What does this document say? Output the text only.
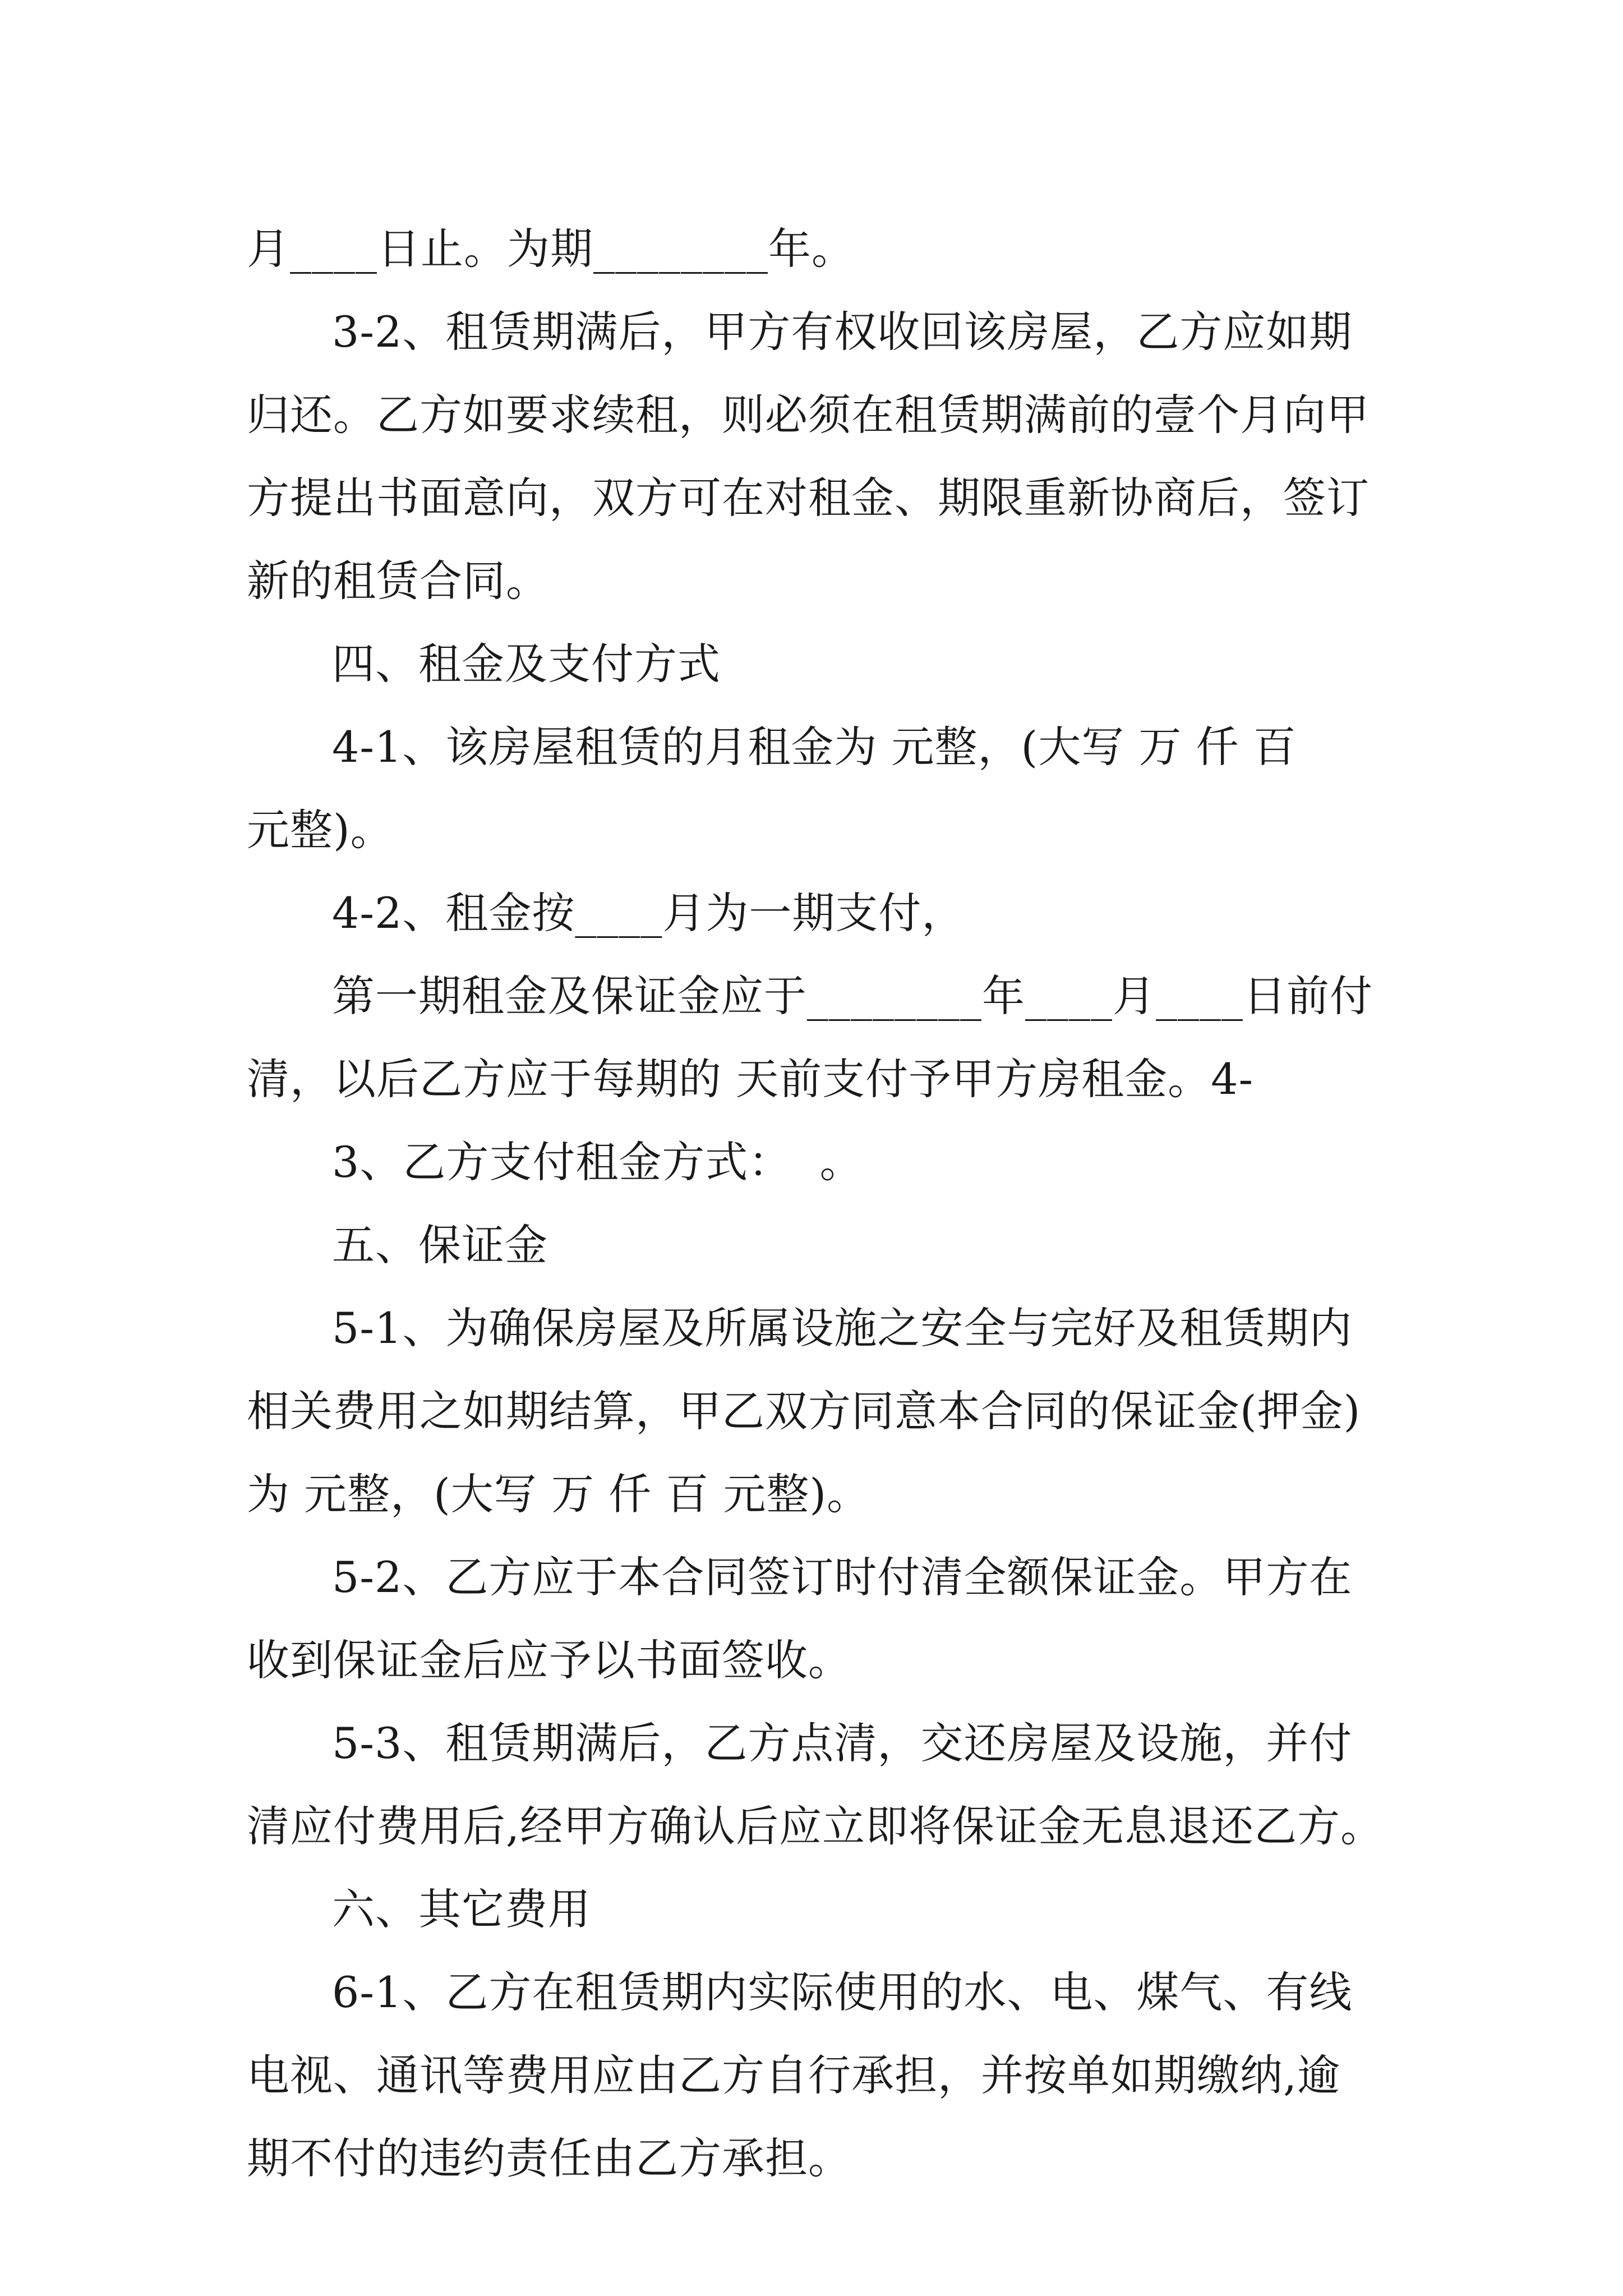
月____日止。为期________年。
3-2、租赁期满后，甲方有权收回该房屋，乙方应如期
归还。乙方如要求续租，则必须在租赁期满前的壹个月向甲
方提出书面意向，双方可在对租金、期限重新协商后，签订
新的租赁合同。
四、租金及支付方式
4-1、该房屋租赁的月租金为 元整，(大写 万 仟 百
元整)。
4-2、租金按____月为一期支付，
第一期租金及保证金应于________年____月____日前付
清，以后乙方应于每期的 天前支付予甲方房租金。4-
3、乙方支付租金方式：  。
五、保证金
5-1、为确保房屋及所属设施之安全与完好及租赁期内
相关费用之如期结算，甲乙双方同意本合同的保证金(押金)
为 元整，(大写 万 仟 百 元整)。
5-2、乙方应于本合同签订时付清全额保证金。甲方在
收到保证金后应予以书面签收。
5-3、租赁期满后，乙方点清，交还房屋及设施，并付
清应付费用后,经甲方确认后应立即将保证金无息退还乙方。
六、其它费用
6-1、乙方在租赁期内实际使用的水、电、煤气、有线
电视、通讯等费用应由乙方自行承担，并按单如期缴纳,逾
期不付的违约责任由乙方承担。
